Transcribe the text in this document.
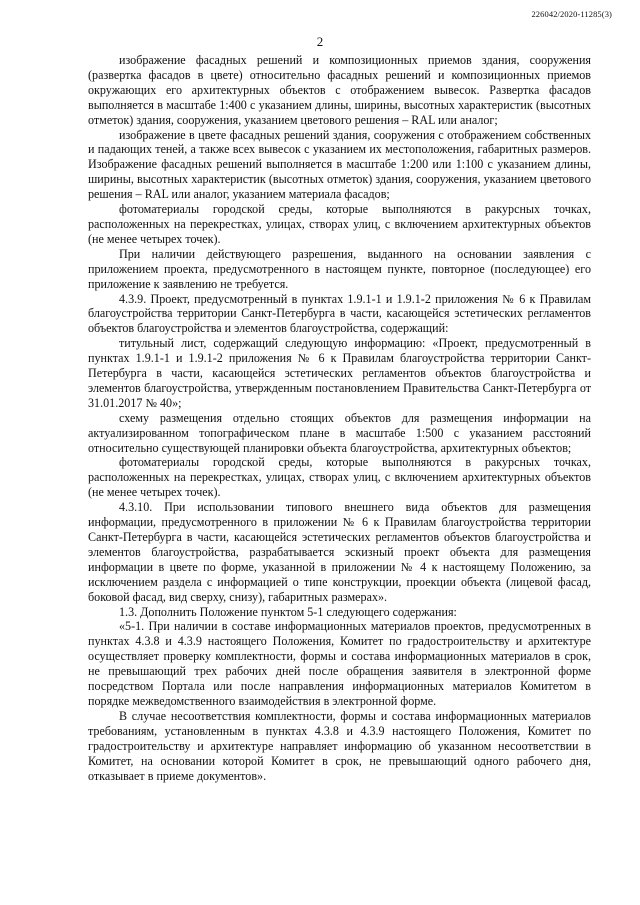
226042/2020-11285(3)
2

изображение фасадных решений и композиционных приемов здания, сооружения (развертка фасадов в цвете) относительно фасадных решений и композиционных приемов окружающих его архитектурных объектов с отображением вывесок. Развертка фасадов выполняется в масштабе 1:400 с указанием длины, ширины, высотных характеристик (высотных отметок) здания, сооружения, указанием цветового решения – RAL или аналог;

изображение в цвете фасадных решений здания, сооружения с отображением собственных и падающих теней, а также всех вывесок с указанием их местоположения, габаритных размеров. Изображение фасадных решений выполняется в масштабе 1:200 или 1:100 с указанием длины, ширины, высотных характеристик (высотных отметок) здания, сооружения, указанием цветового решения – RAL или аналог, указанием материала фасадов;

фотоматериалы городской среды, которые выполняются в ракурсных точках, расположенных на перекрестках, улицах, створах улиц, с включением архитектурных объектов (не менее четырех точек).

При наличии действующего разрешения, выданного на основании заявления с приложением проекта, предусмотренного в настоящем пункте, повторное (последующее) его приложение к заявлению не требуется.

4.3.9. Проект, предусмотренный в пунктах 1.9.1-1 и 1.9.1-2 приложения № 6 к Правилам благоустройства территории Санкт-Петербурга в части, касающейся эстетических регламентов объектов благоустройства и элементов благоустройства, содержащий:

титульный лист, содержащий следующую информацию: «Проект, предусмотренный в пунктах 1.9.1-1 и 1.9.1-2 приложения № 6 к Правилам благоустройства территории Санкт-Петербурга в части, касающейся эстетических регламентов объектов благоустройства и элементов благоустройства, утвержденным постановлением Правительства Санкт-Петербурга от 31.01.2017 № 40»;

схему размещения отдельно стоящих объектов для размещения информации на актуализированном топографическом плане в масштабе 1:500 с указанием расстояний относительно существующей планировки объекта благоустройства, архитектурных объектов;

фотоматериалы городской среды, которые выполняются в ракурсных точках, расположенных на перекрестках, улицах, створах улиц, с включением архитектурных объектов (не менее четырех точек).

4.3.10. При использовании типового внешнего вида объектов для размещения информации, предусмотренного в приложении № 6 к Правилам благоустройства территории Санкт-Петербурга в части, касающейся эстетических регламентов объектов благоустройства и элементов благоустройства, разрабатывается эскизный проект объекта для размещения информации в цвете по форме, указанной в приложении № 4 к настоящему Положению, за исключением раздела с информацией о типе конструкции, проекции объекта (лицевой фасад, боковой фасад, вид сверху, снизу), габаритных размерах».

1.3. Дополнить Положение пунктом 5-1 следующего содержания:

«5-1. При наличии в составе информационных материалов проектов, предусмотренных в пунктах 4.3.8 и 4.3.9 настоящего Положения, Комитет по градостроительству и архитектуре осуществляет проверку комплектности, формы и состава информационных материалов в срок, не превышающий трех рабочих дней после обращения заявителя в электронной форме посредством Портала или после направления информационных материалов Комитетом в порядке межведомственного взаимодействия в электронной форме.

В случае несоответствия комплектности, формы и состава информационных материалов требованиям, установленным в пунктах 4.3.8 и 4.3.9 настоящего Положения, Комитет по градостроительству и архитектуре направляет информацию об указанном несоответствии в Комитет, на основании которой Комитет в срок, не превышающий одного рабочего дня, отказывает в приеме документов».
